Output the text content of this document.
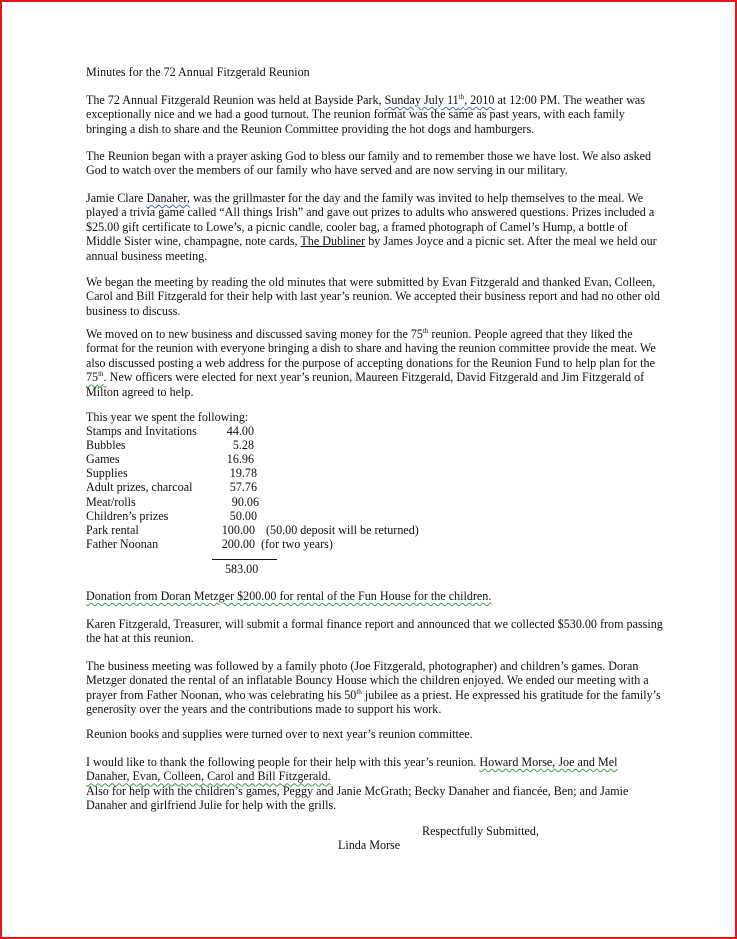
Minutes for the 72 Annual Fitzgerald Reunion
The 72 Annual Fitzgerald Reunion was held at Bayside Park, Sunday July 11th, 2010 at 12:00 PM. The weather was
exceptionally nice and we had a good turnout. The reunion format was the same as past years, with each family
bringing a dish to share and the Reunion Committee providing the hot dogs and hamburgers.
The Reunion began with a prayer asking God to bless our family and to remember those we have lost. We also asked
God to watch over the members of our family who have served and are now serving in our military.
Jamie Clare Danaher, was the grillmaster for the day and the family was invited to help themselves to the meal. We
played a trivia game called “All things Irish” and gave out prizes to adults who answered questions. Prizes included a
$25.00 gift certificate to Lowe’s, a picnic candle, cooler bag, a framed photograph of Camel’s Hump, a bottle of
Middle Sister wine, champagne, note cards, The Dubliner by James Joyce and a picnic set. After the meal we held our
annual business meeting.
We began the meeting by reading the old minutes that were submitted by Evan Fitzgerald and thanked Evan, Colleen,
Carol and Bill Fitzgerald for their help with last year’s reunion. We accepted their business report and had no other old
business to discuss.
We moved on to new business and discussed saving money for the 75th reunion. People agreed that they liked the
format for the reunion with everyone bringing a dish to share and having the reunion committee provide the meat. We
also discussed posting a web address for the purpose of accepting donations for the Reunion Fund to help plan for the
75th. New officers were elected for next year’s reunion, Maureen Fitzgerald, David Fitzgerald and Jim Fitzgerald of
Milton agreed to help.
This year we spent the following:
Stamps and Invitations 44.00
Bubbles	5.28
Games	16.96
Supplies	19.78
Adult prizes, charcoal	57.76
Meat/rolls	90.06
Children’s prizes	50.00
Park rental	100.00 (50.00 deposit will be returned)
Father Noonan	200.00 (for two years)
583.00
Donation from Doran Metzger $200.00 for rental of the Fun House for the children.
Karen Fitzgerald, Treasurer, will submit a formal finance report and announced that we collected $530.00 from passing
the hat at this reunion.
The business meeting was followed by a family photo (Joe Fitzgerald, photographer) and children’s games. Doran
Metzger donated the rental of an inflatable Bouncy House which the children enjoyed. We ended our meeting with a
prayer from Father Noonan, who was celebrating his 50th jubilee as a priest. He expressed his gratitude for the family’s
generosity over the years and the contributions made to support his work.
Reunion books and supplies were turned over to next year’s reunion committee.
I would like to thank the following people for their help with this year’s reunion. Howard Morse, Joe and Mel
Danaher, Evan, Colleen, Carol and Bill Fitzgerald.
Also for help with the children’s games, Peggy and Janie McGrath; Becky Danaher and fiancée, Ben; and Jamie
Danaher and girlfriend Julie for help with the grills.
Respectfully Submitted,
Linda Morse
